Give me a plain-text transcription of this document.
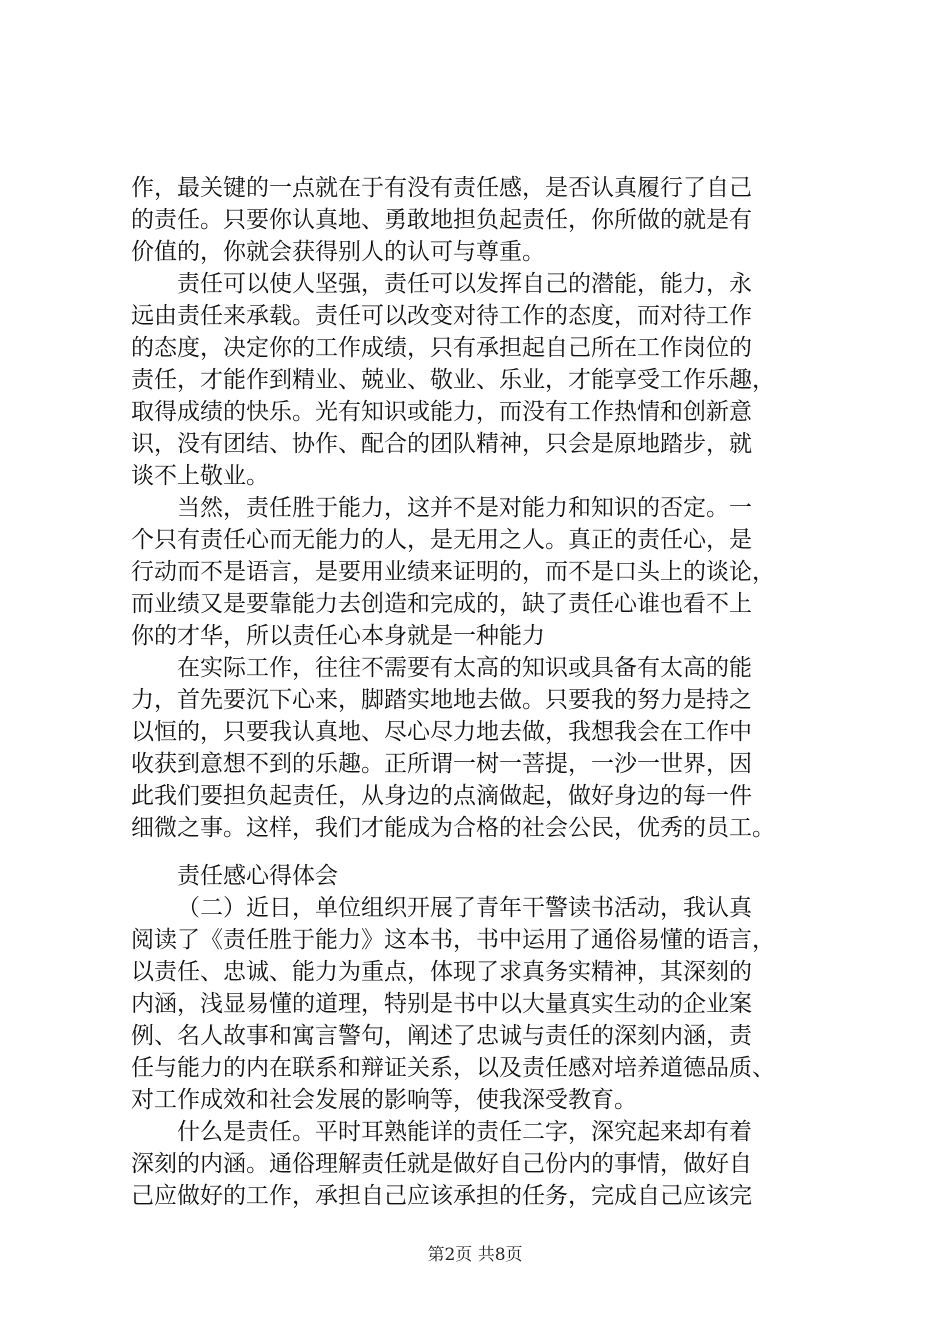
作，最关键的一点就在于有没有责任感，是否认真履行了自己
的责任。只要你认真地、勇敢地担负起责任，你所做的就是有
价值的，你就会获得别人的认可与尊重。
责任可以使人坚强，责任可以发挥自己的潜能，能力，永
远由责任来承载。责任可以改变对待工作的态度，而对待工作
的态度，决定你的工作成绩，只有承担起自己所在工作岗位的
责任，才能作到精业、兢业、敬业、乐业，才能享受工作乐趣，
取得成绩的快乐。光有知识或能力，而没有工作热情和创新意
识，没有团结、协作、配合的团队精神，只会是原地踏步，就
谈不上敬业。
当然，责任胜于能力，这并不是对能力和知识的否定。一
个只有责任心而无能力的人，是无用之人。真正的责任心，是
行动而不是语言，是要用业绩来证明的，而不是口头上的谈论，
而业绩又是要靠能力去创造和完成的，缺了责任心谁也看不上
你的才华，所以责任心本身就是一种能力
在实际工作，往往不需要有太高的知识或具备有太高的能
力，首先要沉下心来，脚踏实地地去做。只要我的努力是持之
以恒的，只要我认真地、尽心尽力地去做，我想我会在工作中
收获到意想不到的乐趣。正所谓一树一菩提，一沙一世界，因
此我们要担负起责任，从身边的点滴做起，做好身边的每一件
细微之事。这样，我们才能成为合格的社会公民，优秀的员工。
责任感心得体会
（二）近日，单位组织开展了青年干警读书活动，我认真
阅读了《责任胜于能力》这本书，书中运用了通俗易懂的语言，
以责任、忠诚、能力为重点，体现了求真务实精神，其深刻的
内涵，浅显易懂的道理，特别是书中以大量真实生动的企业案
例、名人故事和寓言警句，阐述了忠诚与责任的深刻内涵，责
任与能力的内在联系和辩证关系，以及责任感对培养道德品质、
对工作成效和社会发展的影响等，使我深受教育。
什么是责任。平时耳熟能详的责任二字，深究起来却有着
深刻的内涵。通俗理解责任就是做好自己份内的事情，做好自
己应做好的工作，承担自己应该承担的任务，完成自己应该完
第2页 共8页
